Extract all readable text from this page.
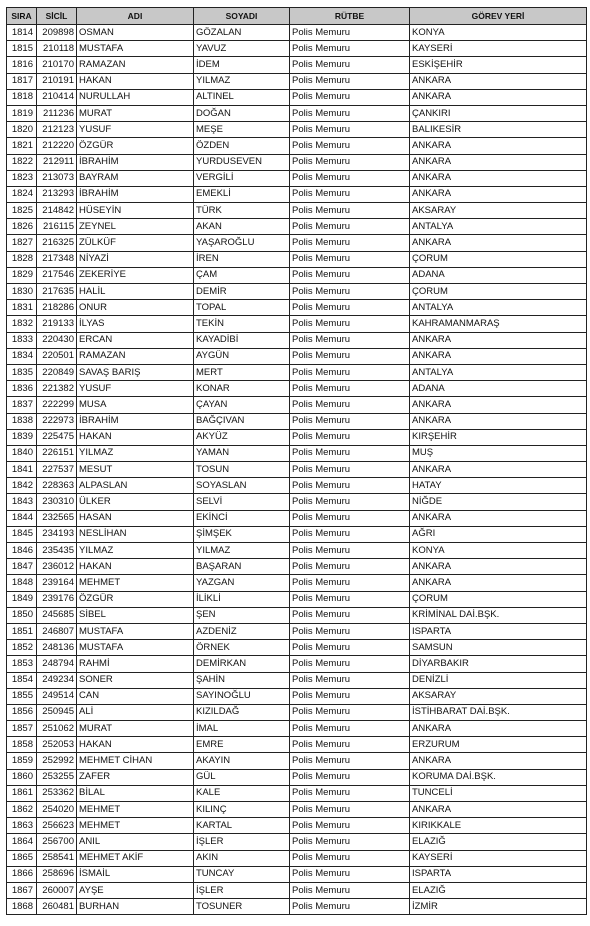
SIRA	SİCİL	ADI	SOYADI	RÜTBE	GÖREV YERİ
1814	209898	OSMAN	GÖZALAN	Polis Memuru	KONYA
1815	210118	MUSTAFA	YAVUZ	Polis Memuru	KAYSERİ
1816	210170	RAMAZAN	İDEM	Polis Memuru	ESKİŞEHİR
1817	210191	HAKAN	YILMAZ	Polis Memuru	ANKARA
1818	210414	NURULLAH	ALTINEL	Polis Memuru	ANKARA
1819	211236	MURAT	DOĞAN	Polis Memuru	ÇANKIRI
1820	212123	YUSUF	MEŞE	Polis Memuru	BALIKESİR
1821	212220	ÖZGÜR	ÖZDEN	Polis Memuru	ANKARA
1822	212911	İBRAHİM	YURDUSEVEN	Polis Memuru	ANKARA
1823	213073	BAYRAM	VERGİLİ	Polis Memuru	ANKARA
1824	213293	İBRAHİM	EMEKLİ	Polis Memuru	ANKARA
1825	214842	HÜSEYİN	TÜRK	Polis Memuru	AKSARAY
1826	216115	ZEYNEL	AKAN	Polis Memuru	ANTALYA
1827	216325	ZÜLKÜF	YAŞAROĞLU	Polis Memuru	ANKARA
1828	217348	NİYAZİ	İREN	Polis Memuru	ÇORUM
1829	217546	ZEKERİYE	ÇAM	Polis Memuru	ADANA
1830	217635	HALİL	DEMİR	Polis Memuru	ÇORUM
1831	218286	ONUR	TOPAL	Polis Memuru	ANTALYA
1832	219133	İLYAS	TEKİN	Polis Memuru	KAHRAMANMARAŞ
1833	220430	ERCAN	KAYADİBİ	Polis Memuru	ANKARA
1834	220501	RAMAZAN	AYGÜN	Polis Memuru	ANKARA
1835	220849	SAVAŞ BARIŞ	MERT	Polis Memuru	ANTALYA
1836	221382	YUSUF	KONAR	Polis Memuru	ADANA
1837	222299	MUSA	ÇAYAN	Polis Memuru	ANKARA
1838	222973	İBRAHİM	BAĞÇIVAN	Polis Memuru	ANKARA
1839	225475	HAKAN	AKYÜZ	Polis Memuru	KIRŞEHİR
1840	226151	YILMAZ	YAMAN	Polis Memuru	MUŞ
1841	227537	MESUT	TOSUN	Polis Memuru	ANKARA
1842	228363	ALPASLAN	SOYASLAN	Polis Memuru	HATAY
1843	230310	ÜLKER	SELVİ	Polis Memuru	NİĞDE
1844	232565	HASAN	EKİNCİ	Polis Memuru	ANKARA
1845	234193	NESLİHAN	ŞİMŞEK	Polis Memuru	AĞRI
1846	235435	YILMAZ	YILMAZ	Polis Memuru	KONYA
1847	236012	HAKAN	BAŞARAN	Polis Memuru	ANKARA
1848	239164	MEHMET	YAZGAN	Polis Memuru	ANKARA
1849	239176	ÖZGÜR	İLİKLİ	Polis Memuru	ÇORUM
1850	245685	SİBEL	ŞEN	Polis Memuru	KRİMİNAL DAİ.BŞK.
1851	246807	MUSTAFA	AZDENİZ	Polis Memuru	ISPARTA
1852	248136	MUSTAFA	ÖRNEK	Polis Memuru	SAMSUN
1853	248794	RAHMİ	DEMİRKAN	Polis Memuru	DİYARBAKIR
1854	249234	SONER	ŞAHİN	Polis Memuru	DENİZLİ
1855	249514	CAN	SAYINOĞLU	Polis Memuru	AKSARAY
1856	250945	ALİ	KIZILDAĞ	Polis Memuru	İSTİHBARAT DAİ.BŞK.
1857	251062	MURAT	İMAL	Polis Memuru	ANKARA
1858	252053	HAKAN	EMRE	Polis Memuru	ERZURUM
1859	252992	MEHMET CİHAN	AKAYIN	Polis Memuru	ANKARA
1860	253255	ZAFER	GÜL	Polis Memuru	KORUMA DAİ.BŞK.
1861	253362	BİLAL	KALE	Polis Memuru	TUNCELİ
1862	254020	MEHMET	KILINÇ	Polis Memuru	ANKARA
1863	256623	MEHMET	KARTAL	Polis Memuru	KIRIKKALE
1864	256700	ANIL	İŞLER	Polis Memuru	ELAZIĞ
1865	258541	MEHMET AKİF	AKIN	Polis Memuru	KAYSERİ
1866	258696	İSMAİL	TUNCAY	Polis Memuru	ISPARTA
1867	260007	AYŞE	İŞLER	Polis Memuru	ELAZIĞ
1868	260481	BURHAN	TOSUNER	Polis Memuru	İZMİR
